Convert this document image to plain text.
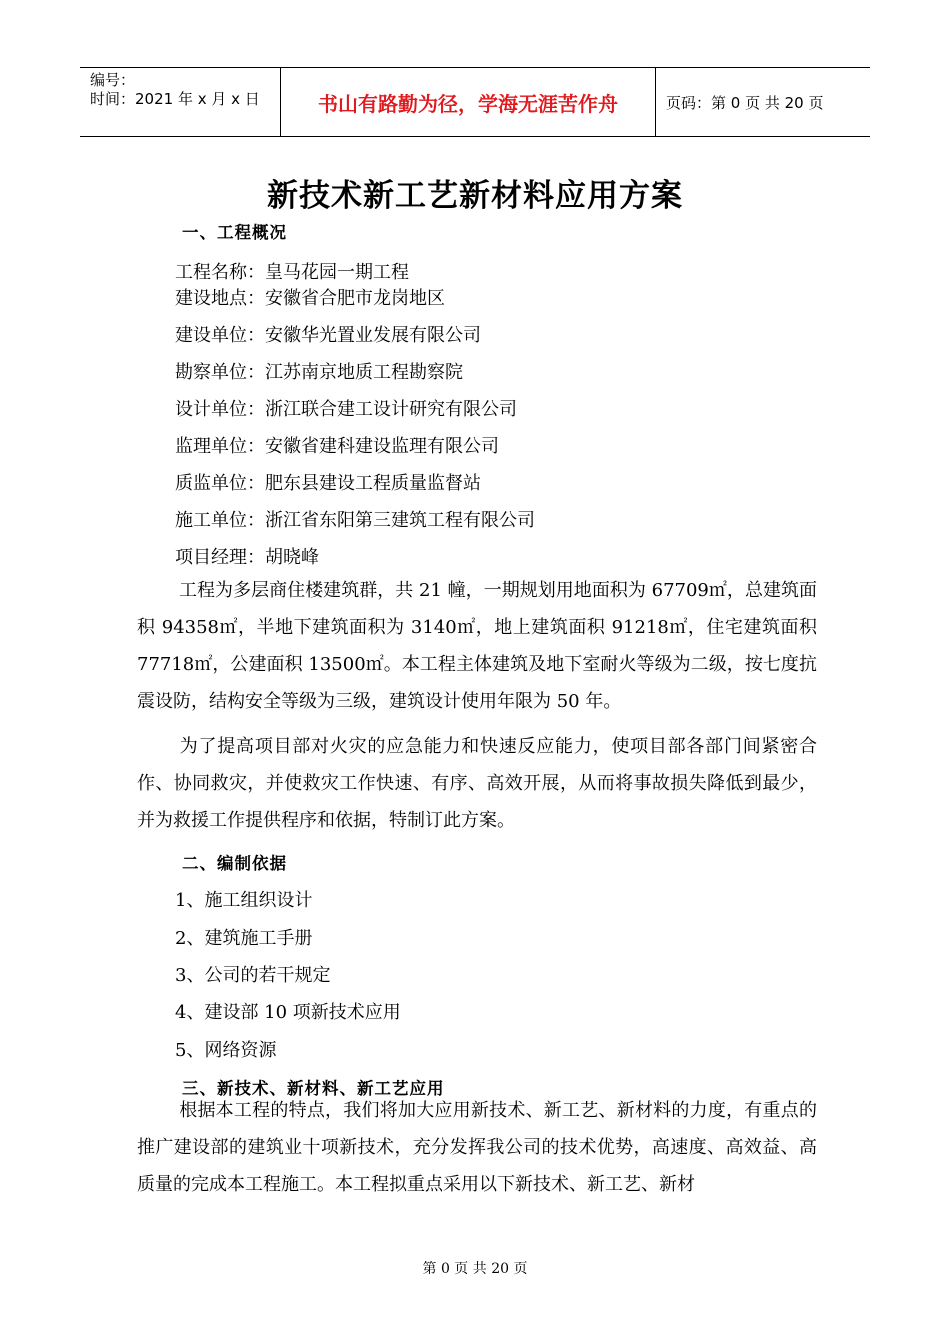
编号：
时间：2021 年 x 月 x 日	书山有路勤为径，学海无涯苦作舟	页码：第 0 页 共 20 页
新技术新工艺新材料应用方案
一、工程概况
工程名称：皇马花园一期工程
建设地点：安徽省合肥市龙岗地区
建设单位：安徽华光置业发展有限公司
勘察单位：江苏南京地质工程勘察院
设计单位：浙江联合建工设计研究有限公司
监理单位：安徽省建科建设监理有限公司
质监单位：肥东县建设工程质量监督站
施工单位：浙江省东阳第三建筑工程有限公司
项目经理：胡晓峰

工程为多层商住楼建筑群，共 21 幢，一期规划用地面积为 67709㎡，总建筑面积 94358㎡，半地下建筑面积为 3140㎡，地上建筑面积 91218㎡，住宅建筑面积 77718㎡，公建面积 13500㎡。本工程主体建筑及地下室耐火等级为二级，按七度抗震设防，结构安全等级为三级，建筑设计使用年限为 50 年。

为了提高项目部对火灾的应急能力和快速反应能力，使项目部各部门间紧密合作、协同救灾，并使救灾工作快速、有序、高效开展，从而将事故损失降低到最少，并为救援工作提供程序和依据，特制订此方案。

二、编制依据
1、施工组织设计
2、建筑施工手册
3、公司的若干规定
4、建设部 10 项新技术应用
5、网络资源
三、新技术、新材料、新工艺应用

根据本工程的特点，我们将加大应用新技术、新工艺、新材料的力度，有重点的推广建设部的建筑业十项新技术，充分发挥我公司的技术优势，高速度、高效益、高质量的完成本工程施工。本工程拟重点采用以下新技术、新工艺、新材

第 0 页 共 20 页
